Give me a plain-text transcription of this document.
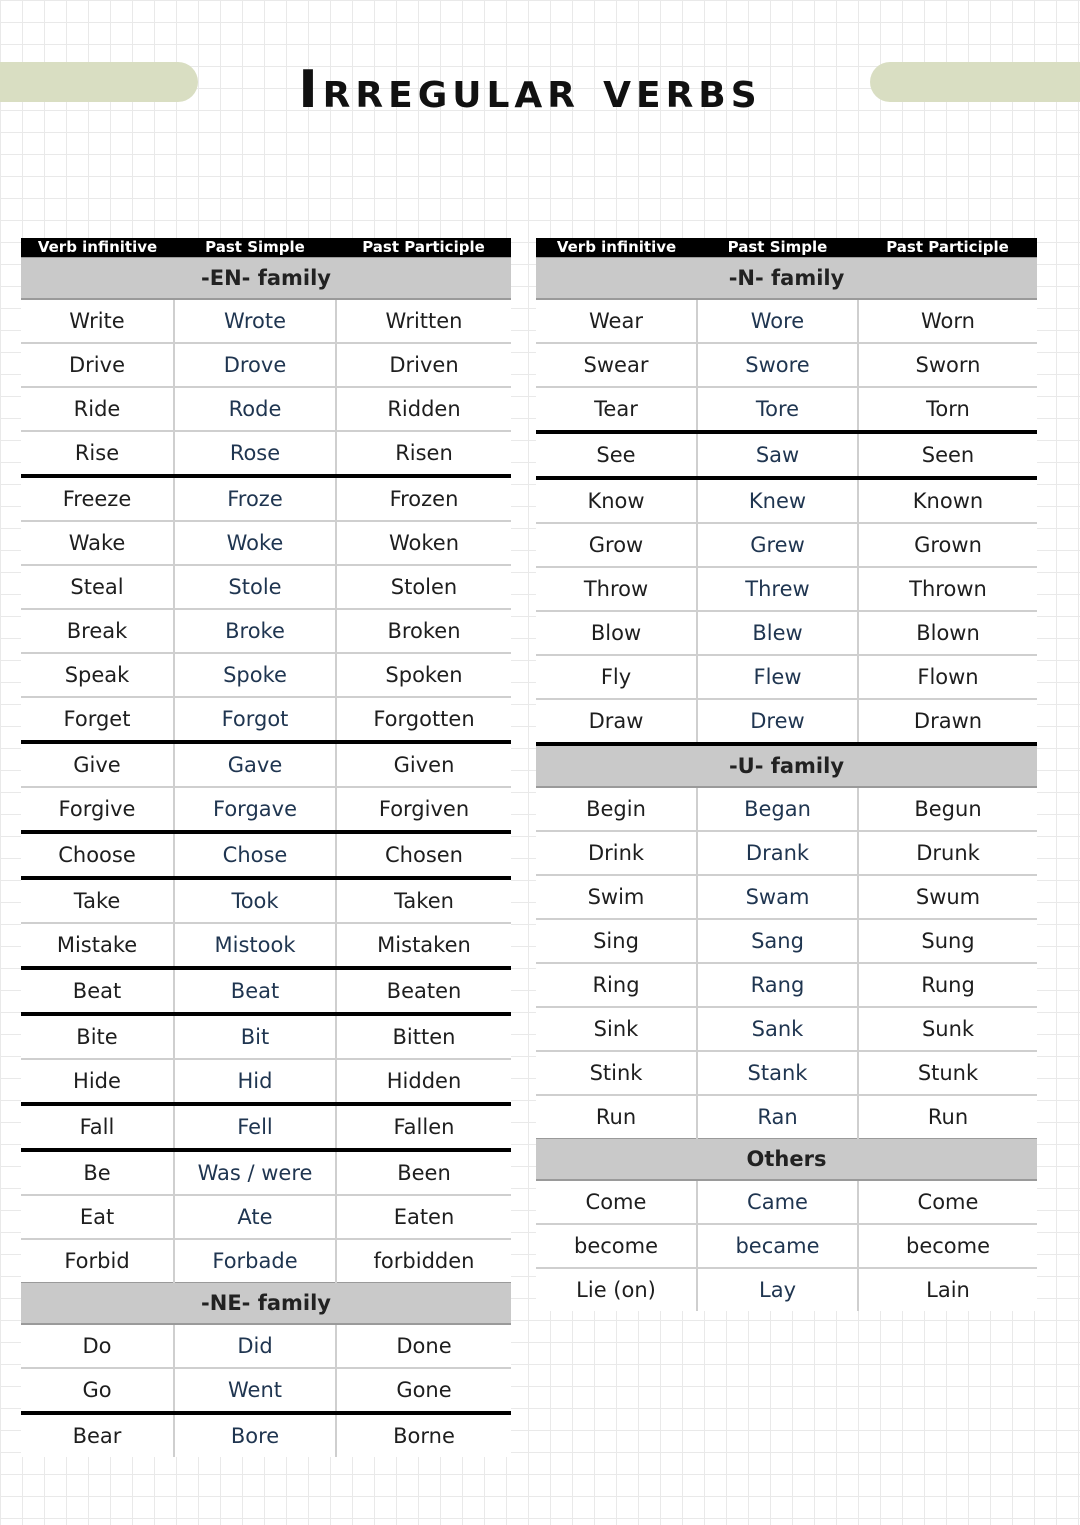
Irregular verbs
Verb infinitive	Past Simple	Past Participle
-EN- family		
Write	Wrote	Written
Drive	Drove	Driven
Ride	Rode	Ridden
Rise	Rose	Risen
Freeze	Froze	Frozen
Wake	Woke	Woken
Steal	Stole	Stolen
Break	Broke	Broken
Speak	Spoke	Spoken
Forget	Forgot	Forgotten
Give	Gave	Given
Forgive	Forgave	Forgiven
Choose	Chose	Chosen
Take	Took	Taken
Mistake	Mistook	Mistaken
Beat	Beat	Beaten
Bite	Bit	Bitten
Hide	Hid	Hidden
Fall	Fell	Fallen
Be	Was / were	Been
Eat	Ate	Eaten
Forbid	Forbade	forbidden
-NE- family		
Do	Did	Done
Go	Went	Gone
Bear	Bore	Borne
Verb infinitive	Past Simple	Past Participle
-N- family		
Wear	Wore	Worn
Swear	Swore	Sworn
Tear	Tore	Torn
See	Saw	Seen
Know	Knew	Known
Grow	Grew	Grown
Throw	Threw	Thrown
Blow	Blew	Blown
Fly	Flew	Flown
Draw	Drew	Drawn
-U- family		
Begin	Began	Begun
Drink	Drank	Drunk
Swim	Swam	Swum
Sing	Sang	Sung
Ring	Rang	Rung
Sink	Sank	Sunk
Stink	Stank	Stunk
Run	Ran	Run
Others		
Come	Came	Come
become	became	become
Lie (on)	Lay	Lain
